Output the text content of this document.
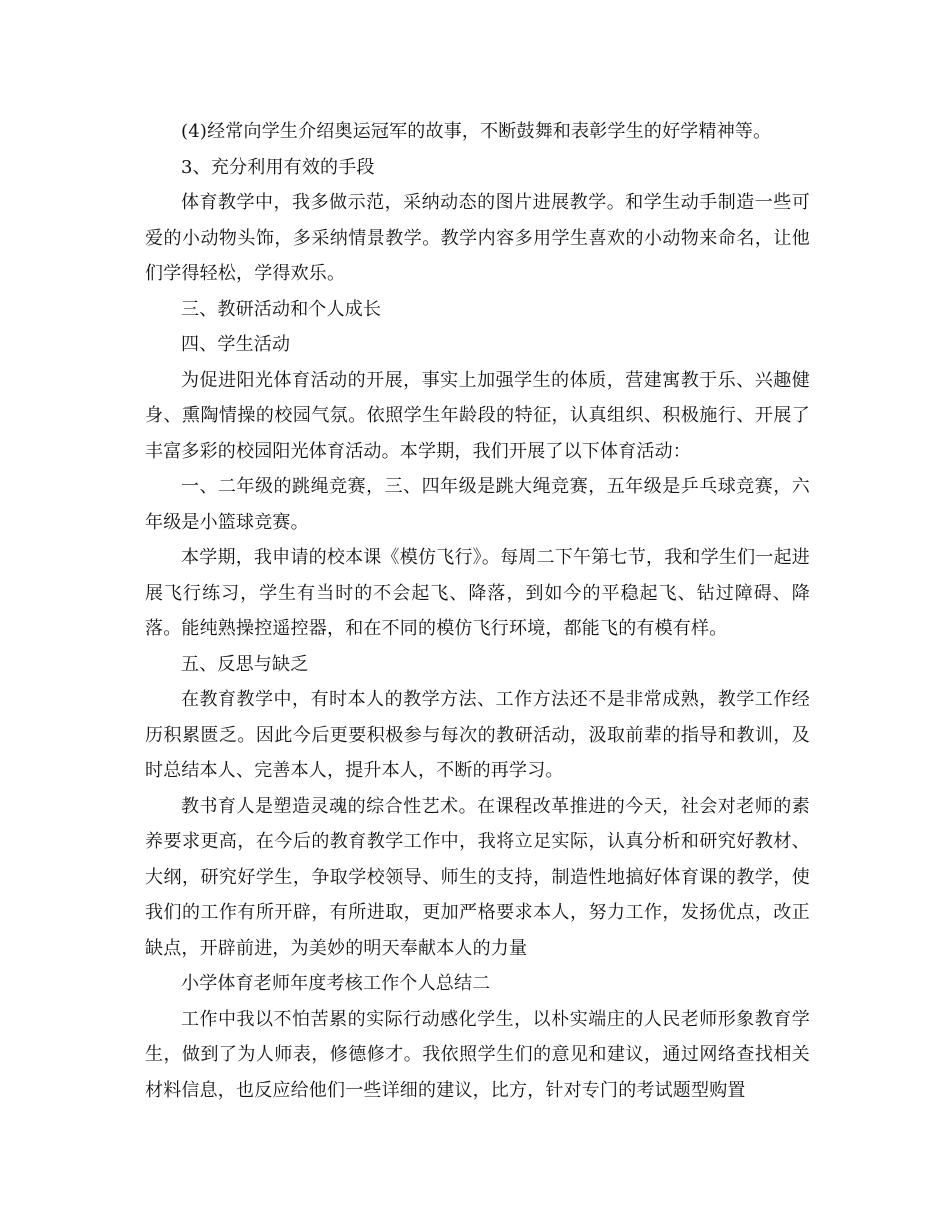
(4)经常向学生介绍奥运冠军的故事，不断鼓舞和表彰学生的好学精神等。

3、充分利用有效的手段

体育教学中，我多做示范，采纳动态的图片进展教学。和学生动手制造一些可爱的小动物头饰，多采纳情景教学。教学内容多用学生喜欢的小动物来命名，让他们学得轻松，学得欢乐。

三、教研活动和个人成长

四、学生活动

为促进阳光体育活动的开展，事实上加强学生的体质，营建寓教于乐、兴趣健身、熏陶情操的校园气氛。依照学生年龄段的特征，认真组织、积极施行、开展了丰富多彩的校园阳光体育活动。本学期，我们开展了以下体育活动：

一、二年级的跳绳竞赛，三、四年级是跳大绳竞赛，五年级是乒乓球竞赛，六年级是小篮球竞赛。

本学期，我申请的校本课《模仿飞行》。每周二下午第七节，我和学生们一起进展飞行练习，学生有当时的不会起飞、降落，到如今的平稳起飞、钻过障碍、降落。能纯熟操控遥控器，和在不同的模仿飞行环境，都能飞的有模有样。

五、反思与缺乏

在教育教学中，有时本人的教学方法、工作方法还不是非常成熟，教学工作经历积累匮乏。因此今后更要积极参与每次的教研活动，汲取前辈的指导和教训，及时总结本人、完善本人，提升本人，不断的再学习。

教书育人是塑造灵魂的综合性艺术。在课程改革推进的今天，社会对老师的素养要求更高，在今后的教育教学工作中，我将立足实际，认真分析和研究好教材、大纲，研究好学生，争取学校领导、师生的支持，制造性地搞好体育课的教学，使我们的工作有所开辟，有所进取，更加严格要求本人，努力工作，发扬优点，改正缺点，开辟前进，为美妙的明天奉献本人的力量

小学体育老师年度考核工作个人总结二

工作中我以不怕苦累的实际行动感化学生，以朴实端庄的人民老师形象教育学生，做到了为人师表，修德修才。我依照学生们的意见和建议，通过网络查找相关材料信息，也反应给他们一些详细的建议，比方，针对专门的考试题型购置
